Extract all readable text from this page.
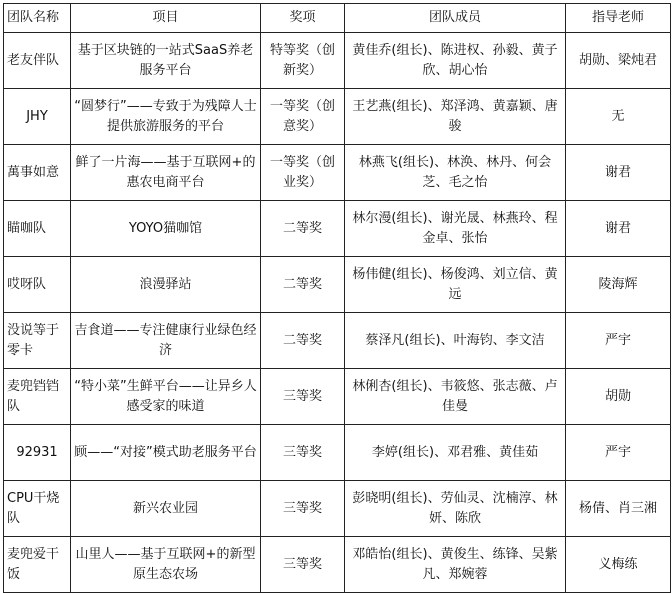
团队名称	项目	奖项	团队成员	指导老师
老友伴队	基于区块链的一站式SaaS养老服务平台	特等奖（创新奖）	黄佳乔(组长)、陈进权、孙毅、黄子欣、胡心怡	胡勋、梁炖君
JHY	“圆梦行”——专致于为残障人士提供旅游服务的平台	一等奖（创意奖）	王艺燕(组长)、郑泽鸿、黄嘉颖、唐骏	无
萬事如意	鲜了一片海——基于互联网+的惠农电商平台	一等奖（创业奖）	林燕飞(组长)、林涣、林丹、何会芝、毛之怡	谢君
瞄咖队	YOYO猫咖馆	二等奖	林尔漫(组长)、谢光晟、林燕玲、程金卓、张怡	谢君
哎呀队	浪漫驿站	二等奖	杨伟健(组长)、杨俊鸿、刘立信、黄远	陵海辉
没说等于零卡	吉食道——专注健康行业绿色经济	二等奖	蔡泽凡(组长)、叶海钧、李文洁	严宇
麦兜铛铛队	“特小菜”生鲜平台——让异乡人感受家的味道	三等奖	林俐杏(组长)、韦筱悠、张志薇、卢佳曼	胡勋
92931	顾——“对接”模式助老服务平台	三等奖	李婷(组长)、邓君雅、黄佳茹	严宇
CPU干烧队	新兴农业园	三等奖	彭晓明(组长)、劳仙灵、沈楠淳、林妍、陈欣	杨倩、肖三湘
麦兜爱干饭	山里人——基于互联网+的新型原生态农场	三等奖	邓皓怡(组长)、黄俊生、练锋、吴紫凡、郑婉蓉	义梅练
